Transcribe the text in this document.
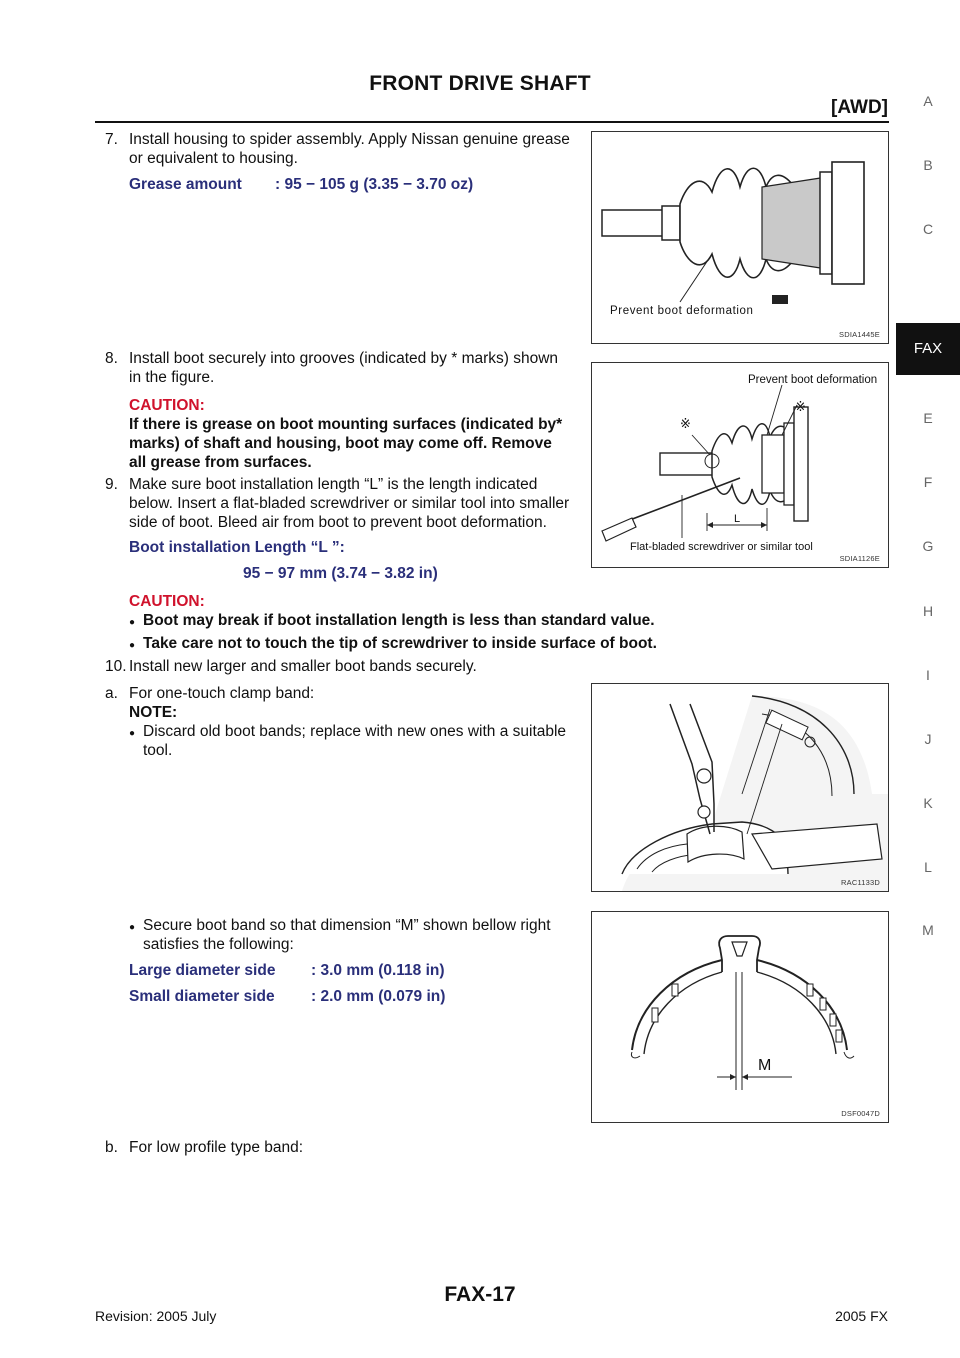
FRONT DRIVE SHAFT
[AWD]	A
B
C
FAX
E
F
G
H
I
J
K
L
M
7. Install housing to spider assembly. Apply Nissan genuine grease
or equivalent to housing.
Grease amount : 95 − 105 g (3.35 − 3.70 oz)
Prevent boot deformation
SDIA1445E
8. Install boot securely into grooves (indicated by * marks) shown
in the figure.
CAUTION:
If there is grease on boot mounting surfaces (indicated by*
marks) of shaft and housing, boot may come off. Remove
all grease from surfaces.
Prevent boot deformation
※
※
L
Flat-bladed screwdriver or similar tool
SDIA1126E
9. Make sure boot installation length “L” is the length indicated
below. Insert a flat-bladed screwdriver or similar tool into smaller
side of boot. Bleed air from boot to prevent boot deformation.
Boot installation Length “L ”:
95 − 97 mm (3.74 − 3.82 in)
CAUTION:
● Boot may break if boot installation length is less than standard value.
● Take care not to touch the tip of screwdriver to inside surface of boot.
10. Install new larger and smaller boot bands securely.
a. For one-touch clamp band:
NOTE:
● Discard old boot bands; replace with new ones with a suitable
tool.
RAC1133D
● Secure boot band so that dimension “M” shown bellow right
satisfies the following:
Large diameter side : 3.0 mm (0.118 in)
Small diameter side : 2.0 mm (0.079 in)
M
DSF0047D
b. For low profile type band:
FAX-17
Revision: 2005 July	2005 FX
